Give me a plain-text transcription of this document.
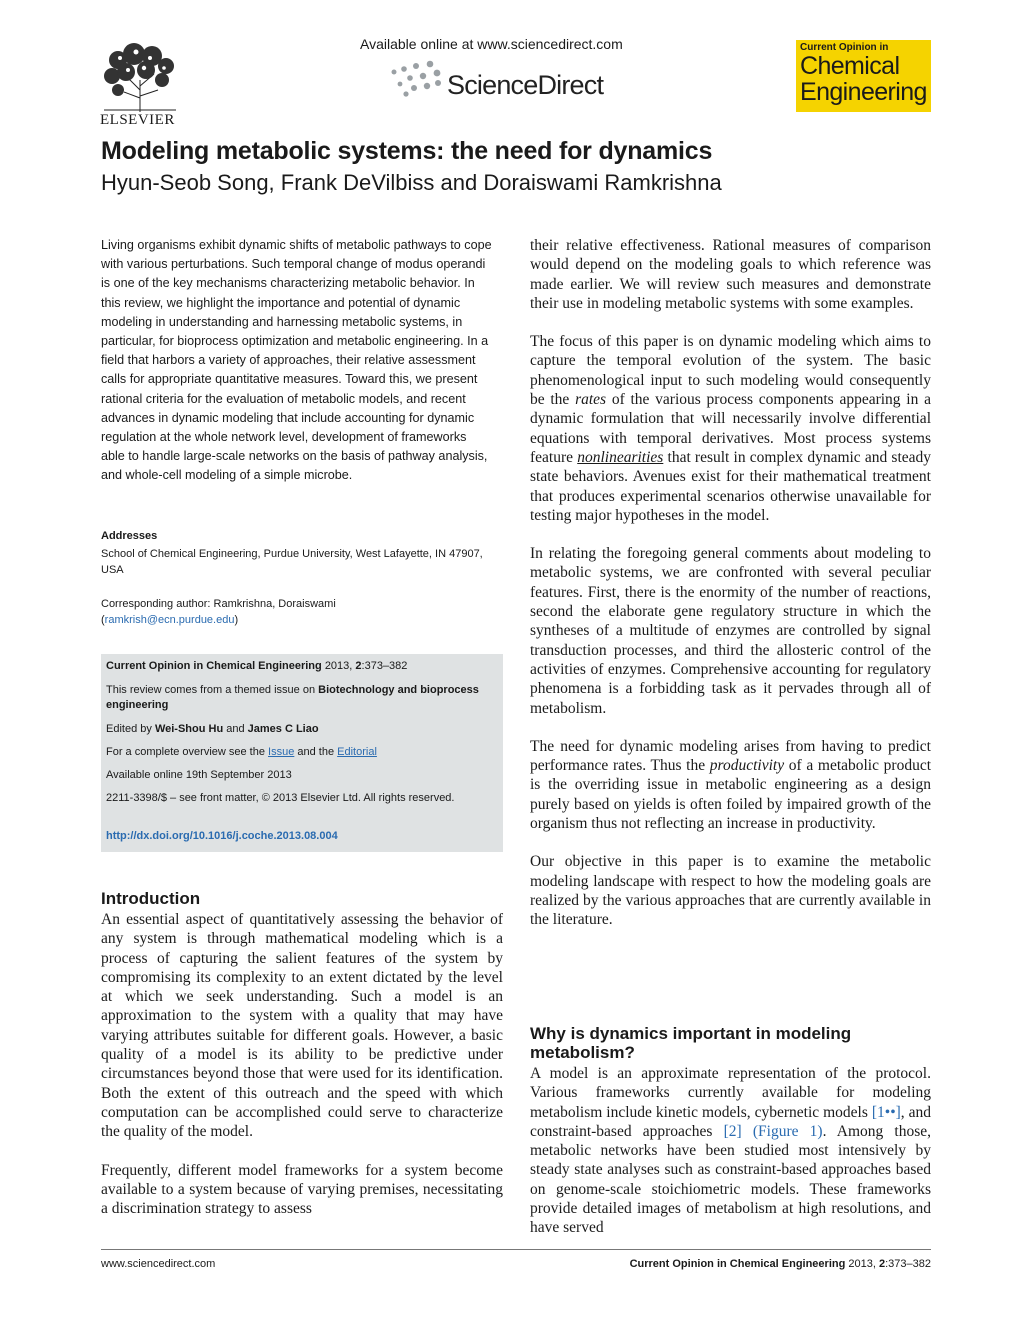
Available online at www.sciencedirect.com
ScienceDirect
ELSEVIER
Current Opinion in
Chemical
Engineering
Modeling metabolic systems: the need for dynamics
Hyun-Seob Song, Frank DeVilbiss and Doraiswami Ramkrishna
Living organisms exhibit dynamic shifts of metabolic pathways to cope with various perturbations. Such temporal change of modus operandi is one of the key mechanisms characterizing metabolic behavior. In this review, we highlight the importance and potential of dynamic modeling in understanding and harnessing metabolic systems, in particular, for bioprocess optimization and metabolic engineering. In a field that harbors a variety of approaches, their relative assessment calls for appropriate quantitative measures. Toward this, we present rational criteria for the evaluation of metabolic models, and recent advances in dynamic modeling that include accounting for dynamic regulation at the whole network level, development of frameworks able to handle large-scale networks on the basis of pathway analysis, and whole-cell modeling of a simple microbe.
Addresses
School of Chemical Engineering, Purdue University, West Lafayette, IN 47907, USA
Corresponding author: Ramkrishna, Doraiswami
(ramkrish@ecn.purdue.edu)

Current Opinion in Chemical Engineering 2013, 2:373–382

This review comes from a themed issue on Biotechnology and bioprocess engineering

Edited by Wei-Shou Hu and James C Liao

For a complete overview see the Issue and the Editorial

Available online 19th September 2013

2211-3398/$ – see front matter, © 2013 Elsevier Ltd. All rights reserved.

http://dx.doi.org/10.1016/j.coche.2013.08.004

Introduction

An essential aspect of quantitatively assessing the behavior of any system is through mathematical modeling which is a process of capturing the salient features of the system by compromising its complexity to an extent dictated by the level at which we seek understanding. Such a model is an approximation to the system with a quality that may have varying attributes suitable for different goals. However, a basic quality of a model is its ability to be predictive under circumstances beyond those that were used for its identification. Both the extent of this outreach and the speed with which computation can be accomplished could serve to characterize the quality of the model.

Frequently, different model frameworks for a system become available to a system because of varying premises, necessitating a discrimination strategy to assess

their relative effectiveness. Rational measures of comparison would depend on the modeling goals to which reference was made earlier. We will review such measures and demonstrate their use in modeling metabolic systems with some examples.

The focus of this paper is on dynamic modeling which aims to capture the temporal evolution of the system. The basic phenomenological input to such modeling would consequently be the rates of the various process components appearing in a dynamic formulation that will necessarily involve differential equations with temporal derivatives. Most process systems feature nonlinearities that result in complex dynamic and steady state behaviors. Avenues exist for their mathematical treatment that produces experimental scenarios otherwise unavailable for testing major hypotheses in the model.

In relating the foregoing general comments about modeling to metabolic systems, we are confronted with several peculiar features. First, there is the enormity of the number of reactions, second the elaborate gene regulatory structure in which the syntheses of a multitude of enzymes are controlled by signal transduction processes, and third the allosteric control of the activities of enzymes. Comprehensive accounting for regulatory phenomena is a forbidding task as it pervades through all of metabolism.

The need for dynamic modeling arises from having to predict performance rates. Thus the productivity of a metabolic product is the overriding issue in metabolic engineering as a design purely based on yields is often foiled by impaired growth of the organism thus not reflecting an increase in productivity.

Our objective in this paper is to examine the metabolic modeling landscape with respect to how the modeling goals are realized by the various approaches that are currently available in the literature.

Why is dynamics important in modeling metabolism?
A model is an approximate representation of the protocol. Various frameworks currently available for modeling metabolism include kinetic models, cybernetic models [1••], and constraint-based approaches [2] (Figure 1). Among those, metabolic networks have been studied most intensively by steady state analyses such as constraint-based approaches based on genome-scale stoichiometric models. These frameworks provide detailed images of metabolism at high resolutions, and have served
www.sciencedirect.com	Current Opinion in Chemical Engineering 2013, 2:373–382
